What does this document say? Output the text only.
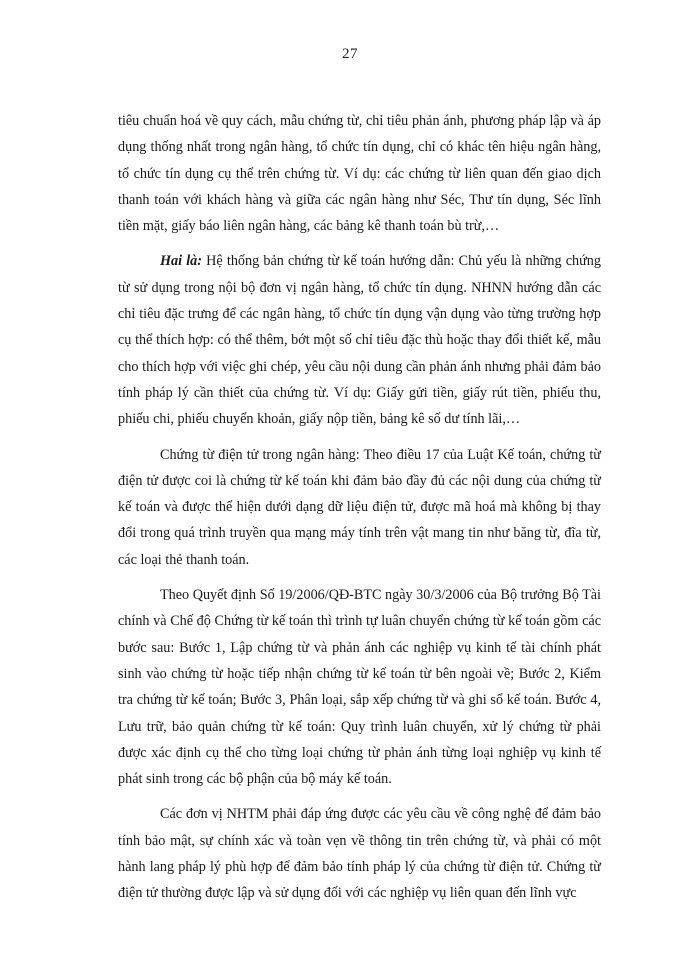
27

tiêu chuẩn hoá về quy cách, mẫu chứng từ, chỉ tiêu phản ánh, phương pháp lập và áp dụng thống nhất trong ngân hàng, tổ chức tín dụng, chỉ có khác tên hiệu ngân hàng, tổ chức tín dụng cụ thể trên chứng từ. Ví dụ: các chứng từ liên quan đến giao dịch thanh toán với khách hàng và giữa các ngân hàng như Séc, Thư tín dụng, Séc lĩnh tiền mặt, giấy báo liên ngân hàng, các bảng kê thanh toán bù trừ,…

Hai là: Hệ thống bản chứng từ kế toán hướng dẫn: Chủ yếu là những chứng từ sử dụng trong nội bộ đơn vị ngân hàng, tổ chức tín dụng. NHNN hướng dẫn các chỉ tiêu đặc trưng để các ngân hàng, tổ chức tín dụng vận dụng vào từng trường hợp cụ thể thích hợp: có thể thêm, bớt một số chỉ tiêu đặc thù hoặc thay đổi thiết kế, mẫu cho thích hợp với việc ghi chép, yêu cầu nội dung cần phản ánh nhưng phải đảm bảo tính pháp lý cần thiết của chứng từ. Ví dụ: Giấy gửi tiền, giấy rút tiền, phiếu thu, phiếu chi, phiếu chuyển khoản, giấy nộp tiền, bảng kê số dư tính lãi,…

Chứng từ điện tử trong ngân hàng: Theo điều 17 của Luật Kế toán, chứng từ điện tử được coi là chứng từ kế toán khi đảm bảo đầy đủ các nội dung của chứng từ kế toán và được thể hiện dưới dạng dữ liệu điện tử, được mã hoá mà không bị thay đổi trong quá trình truyền qua mạng máy tính trên vật mang tin như băng từ, đĩa từ, các loại thẻ thanh toán.

Theo Quyết định Số 19/2006/QĐ-BTC ngày 30/3/2006 của Bộ trưởng Bộ Tài chính và Chế độ Chứng từ kế toán thì trình tự luân chuyển chứng từ kế toán gồm các bước sau: Bước 1, Lập chứng từ và phản ánh các nghiệp vụ kinh tế tài chính phát sinh vào chứng từ hoặc tiếp nhận chứng từ kế toán từ bên ngoài về; Bước 2, Kiểm tra chứng từ kế toán; Bước 3, Phân loại, sắp xếp chứng từ và ghi sổ kế toán. Bước 4, Lưu trữ, bảo quản chứng từ kế toán: Quy trình luân chuyển, xử lý chứng từ phải được xác định cụ thể cho từng loại chứng từ phản ánh từng loại nghiệp vụ kinh tế phát sinh trong các bộ phận của bộ máy kế toán.

Các đơn vị NHTM phải đáp ứng được các yêu cầu về công nghệ để đảm bảo tính bảo mật, sự chính xác và toàn vẹn về thông tin trên chứng từ, và phải có một hành lang pháp lý phù hợp để đảm bảo tính pháp lý của chứng từ điện tử. Chứng từ điện tử thường được lập và sử dụng đối với các nghiệp vụ liên quan đến lĩnh vực
